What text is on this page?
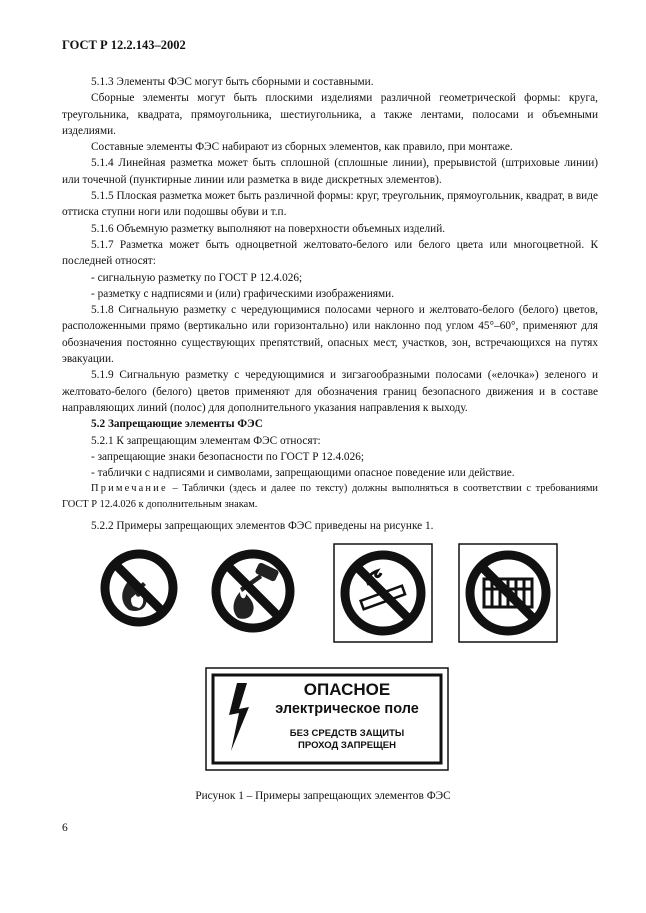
ГОСТ Р 12.2.143–2002

5.1.3 Элементы ФЭС могут быть сборными и составными.

Сборные элементы могут быть плоскими изделиями различной геометрической формы: круга, треугольника, квадрата, прямоугольника, шестиугольника, а также лентами, полосами и объемными изделиями.

Составные элементы ФЭС набирают из сборных элементов, как правило, при монтаже.

5.1.4 Линейная разметка может быть сплошной (сплошные линии), прерывистой (штриховые линии) или точечной (пунктирные линии или разметка в виде дискретных элементов).

5.1.5 Плоская разметка может быть различной формы: круг, треугольник, прямоугольник, квадрат, в виде оттиска ступни ноги или подошвы обуви и т.п.

5.1.6 Объемную разметку выполняют на поверхности объемных изделий.

5.1.7 Разметка может быть одноцветной желтовато-белого или белого цвета или многоцветной. К последней относят:

- сигнальную разметку по ГОСТ Р 12.4.026;

- разметку с надписями и (или) графическими изображениями.

5.1.8 Сигнальную разметку с чередующимися полосами черного и желтовато-белого (белого) цветов, расположенными прямо (вертикально или горизонтально) или наклонно под углом 45°–60°, применяют для обозначения постоянно существующих препятствий, опасных мест, участков, зон, встречающихся на путях эвакуации.

5.1.9 Сигнальную разметку с чередующимися и зигзагообразными полосами («елочка») зеленого и желтовато-белого (белого) цветов применяют для обозначения границ безопасного движения и в составе направляющих линий (полос) для дополнительного указания направления к выходу.

5.2 Запрещающие элементы ФЭС

5.2.1 К запрещающим элементам ФЭС относят:

- запрещающие знаки безопасности по ГОСТ Р 12.4.026;

- таблички с надписями и символами, запрещающими опасное поведение или действие.

Примечание – Таблички (здесь и далее по тексту) должны выполняться в соответствии с требованиями ГОСТ Р 12.4.026 к дополнительным знакам.

5.2.2 Примеры запрещающих элементов ФЭС приведены на рисунке 1.

ОПАСНОЕ
электрическое поле
БЕЗ СРЕДСТВ ЗАЩИТЫ
ПРОХОД ЗАПРЕЩЕН
Рисунок 1 – Примеры запрещающих элементов ФЭС
6
